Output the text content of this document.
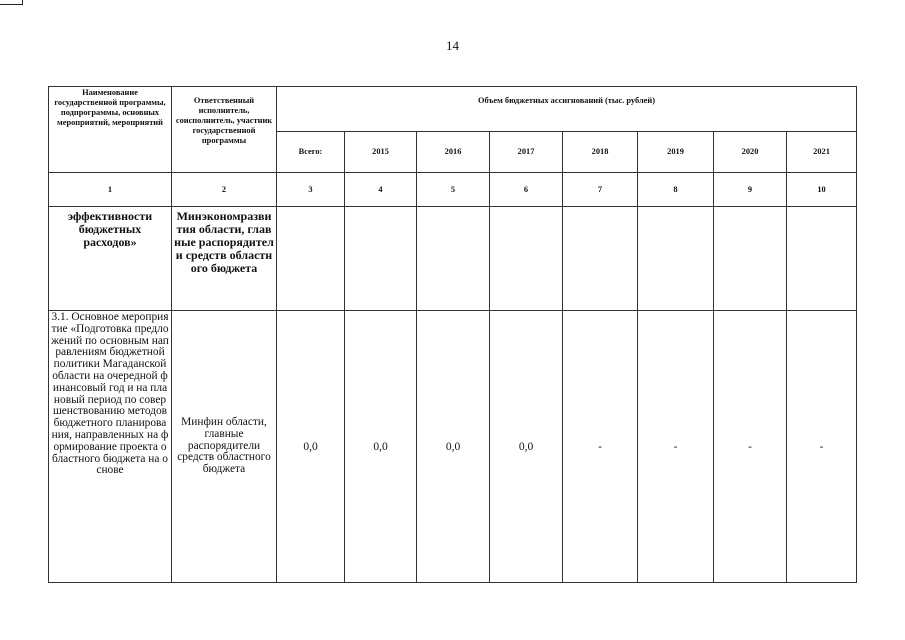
14
Наименование государственной программы, подпрограммы, основных мероприятий, мероприятий	Ответственный исполнитель, соисполнитель, участник государственной программы	Объем бюджетных ассигнований (тыс. рублей)							
		Всего:	2015	2016	2017	2018	2019	2020	2021
1	2	3	4	5	6	7	8	9	10
эффективности бюджетных расходов»	Минэкономразвития области, главные распорядители средств областного бюджета								
3.1. Основное мероприятие «Подготовка предложений по основным направлениям бюджетной политики Магаданской области на очередной финансовый год и на плановый период по совершенствованию методов бюджетного планирования, направленных на формирование проекта областного бюджета на основе	Минфин области, главные распорядители средств областного бюджета	0,0	0,0	0,0	0,0	-	-	-	-
